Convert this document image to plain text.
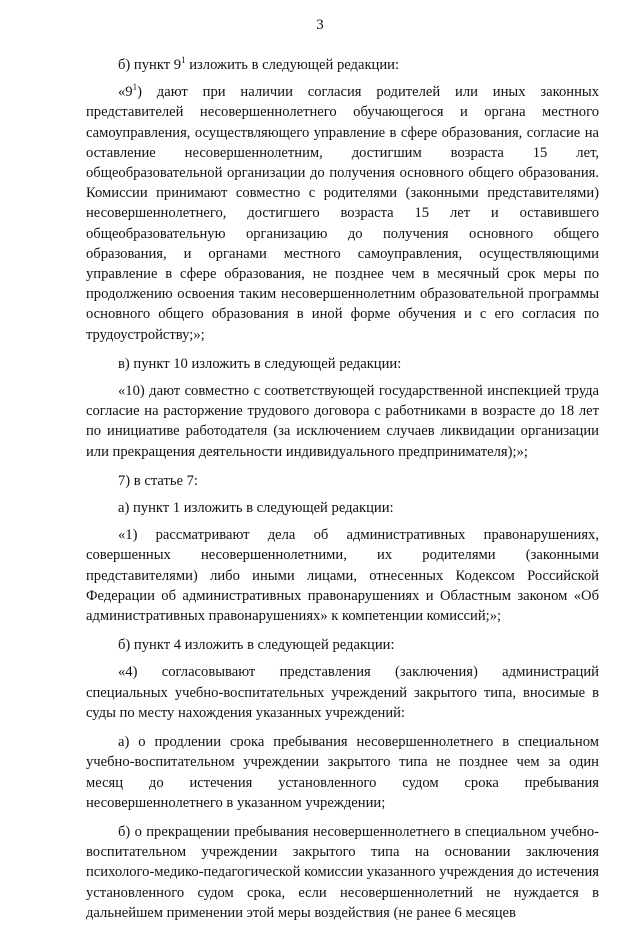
3

б) пункт $9^1$ изложить в следующей редакции:

«$9^1$) дают при наличии согласия родителей или иных законных представителей несовершеннолетнего обучающегося и органа местного самоуправления, осуществляющего управление в сфере образования, согласие на оставление несовершеннолетним, достигшим возраста 15 лет, общеобразовательной организации до получения основного общего образования. Комиссии принимают совместно с родителями (законными представителями) несовершеннолетнего, достигшего возраста 15 лет и оставившего общеобразовательную организацию до получения основного общего образования, и органами местного самоуправления, осуществляющими управление в сфере образования, не позднее чем в месячный срок меры по продолжению освоения таким несовершеннолетним образовательной программы основного общего образования в иной форме обучения и с его согласия по трудоустройству;»;

в) пункт 10 изложить в следующей редакции:

«10) дают совместно с соответствующей государственной инспекцией труда согласие на расторжение трудового договора с работниками в возрасте до 18 лет по инициативе работодателя (за исключением случаев ликвидации организации или прекращения деятельности индивидуального предпринимателя);»;

7) в статье 7:

а) пункт 1 изложить в следующей редакции:

«1) рассматривают дела об административных правонарушениях, совершенных несовершеннолетними, их родителями (законными представителями) либо иными лицами, отнесенных Кодексом Российской Федерации об административных правонарушениях и Областным законом «Об административных правонарушениях» к компетенции комиссий;»;

б) пункт 4 изложить в следующей редакции:

«4) согласовывают представления (заключения) администраций специальных учебно-воспитательных учреждений закрытого типа, вносимые в суды по месту нахождения указанных учреждений:

а) о продлении срока пребывания несовершеннолетнего в специальном учебно-воспитательном учреждении закрытого типа не позднее чем за один месяц до истечения установленного судом срока пребывания несовершеннолетнего в указанном учреждении;

б) о прекращении пребывания несовершеннолетнего в специальном учебно-воспитательном учреждении закрытого типа на основании заключения психолого-медико-педагогической комиссии указанного учреждения до истечения установленного судом срока, если несовершеннолетний не нуждается в дальнейшем применении этой меры воздействия (не ранее 6 месяцев
